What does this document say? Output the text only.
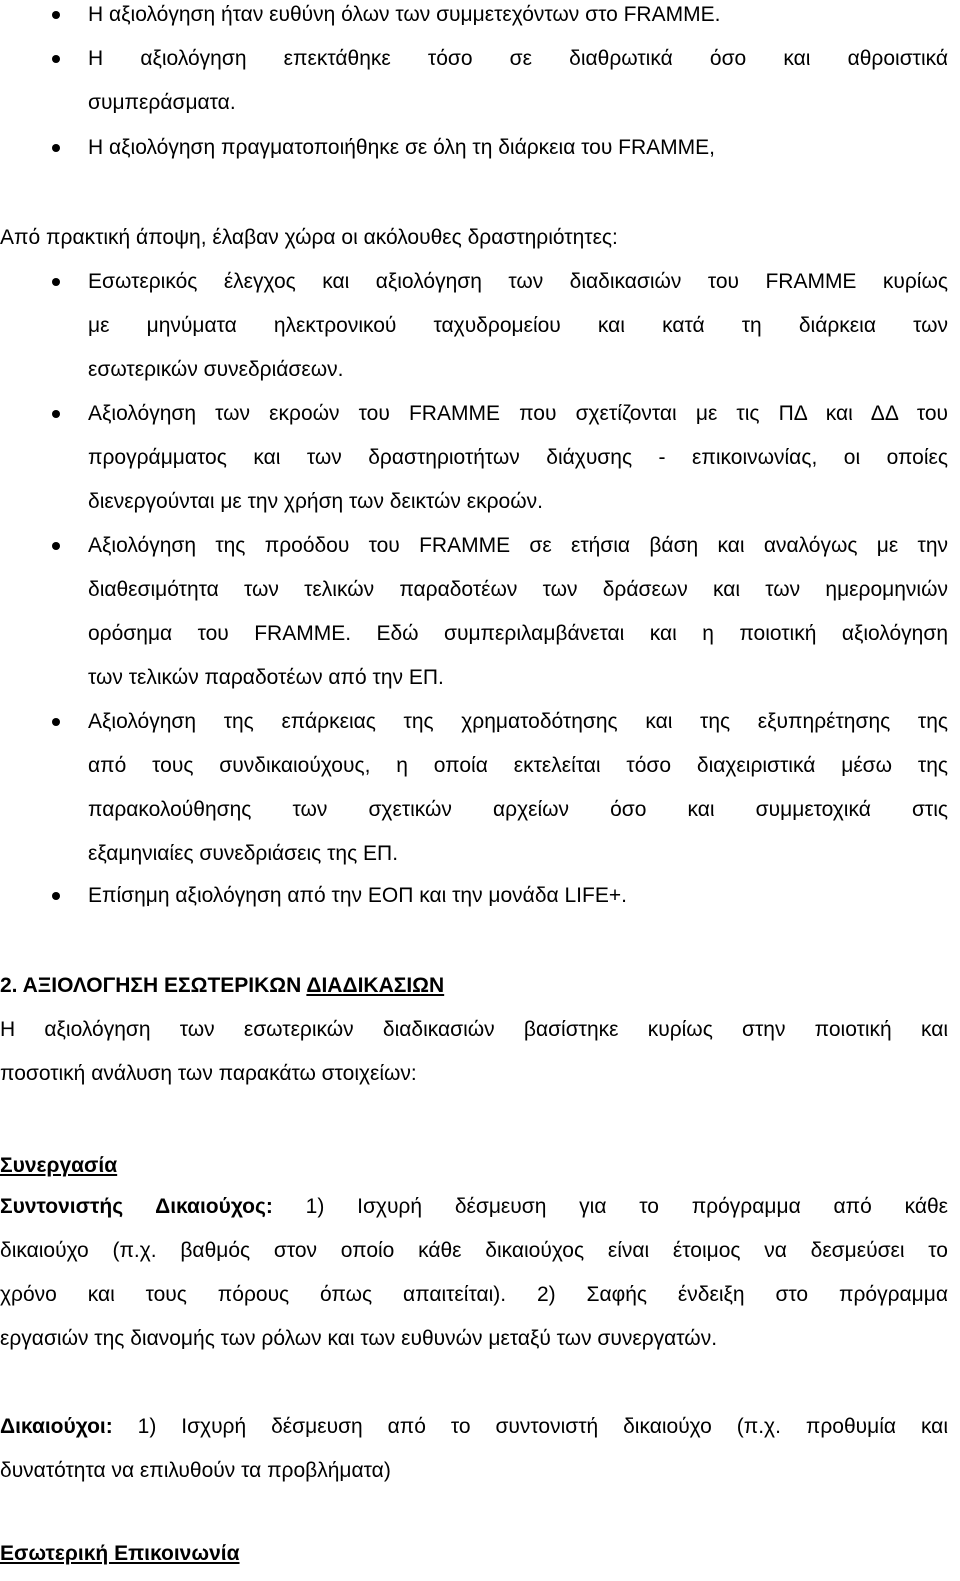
Η αξιολόγηση ήταν ευθύνη όλων των συμμετεχόντων στο FRAMME.
Η αξιολόγηση επεκτάθηκε τόσο σε διαθρωτικά όσο και αθροιστικά
συμπεράσματα.
Η αξιολόγηση πραγματοποιήθηκε σε όλη τη διάρκεια του FRAMME,
Από πρακτική άποψη, έλαβαν χώρα οι ακόλουθες δραστηριότητες:
Εσωτερικός έλεγχος και αξιολόγηση των διαδικασιών του FRAMME κυρίως
με μηνύματα ηλεκτρονικού ταχυδρομείου και κατά τη διάρκεια των
εσωτερικών συνεδριάσεων.
Αξιολόγηση των εκροών του FRAMME που σχετίζονται με τις ΠΔ και ΔΔ του
προγράμματος και των δραστηριοτήτων διάχυσης - επικοινωνίας, οι οποίες
διενεργούνται με την χρήση των δεικτών εκροών.
Αξιολόγηση της προόδου του FRAMME σε ετήσια βάση και αναλόγως με την
διαθεσιμότητα των τελικών παραδοτέων των δράσεων και των ημερομηνιών
ορόσημα του FRAMME. Εδώ συμπεριλαμβάνεται και η ποιοτική αξιολόγηση
των τελικών παραδοτέων από την ΕΠ.
Αξιολόγηση της επάρκειας της χρηματοδότησης και της εξυπηρέτησης της
από τους συνδικαιούχους, η οποία εκτελείται τόσο διαχειριστικά μέσω της
παρακολούθησης των σχετικών αρχείων όσο και συμμετοχικά στις
εξαμηνιαίες συνεδριάσεις της ΕΠ.
Επίσημη αξιολόγηση από την ΕΟΠ και την μονάδα LIFE+.
2. ΑΞΙΟΛΟΓΗΣΗ ΕΣΩΤΕΡΙΚΩΝ ΔΙΑΔΙΚΑΣΙΩΝ
Η αξιολόγηση των εσωτερικών διαδικασιών βασίστηκε κυρίως στην ποιοτική και
ποσοτική ανάλυση των παρακάτω στοιχείων:
Συνεργασία
Συντονιστής Δικαιούχος: 1) Ισχυρή δέσμευση για το πρόγραμμα από κάθε
δικαιούχο (π.χ. βαθμός στον οποίο κάθε δικαιούχος είναι έτοιμος να δεσμεύσει το
χρόνο και τους πόρους όπως απαιτείται). 2) Σαφής ένδειξη στο πρόγραμμα
εργασιών της διανομής των ρόλων και των ευθυνών μεταξύ των συνεργατών.
Δικαιούχοι: 1) Ισχυρή δέσμευση από το συντονιστή δικαιούχο (π.χ. προθυμία και
δυνατότητα να επιλυθούν τα προβλήματα)
Εσωτερική Επικοινωνία
